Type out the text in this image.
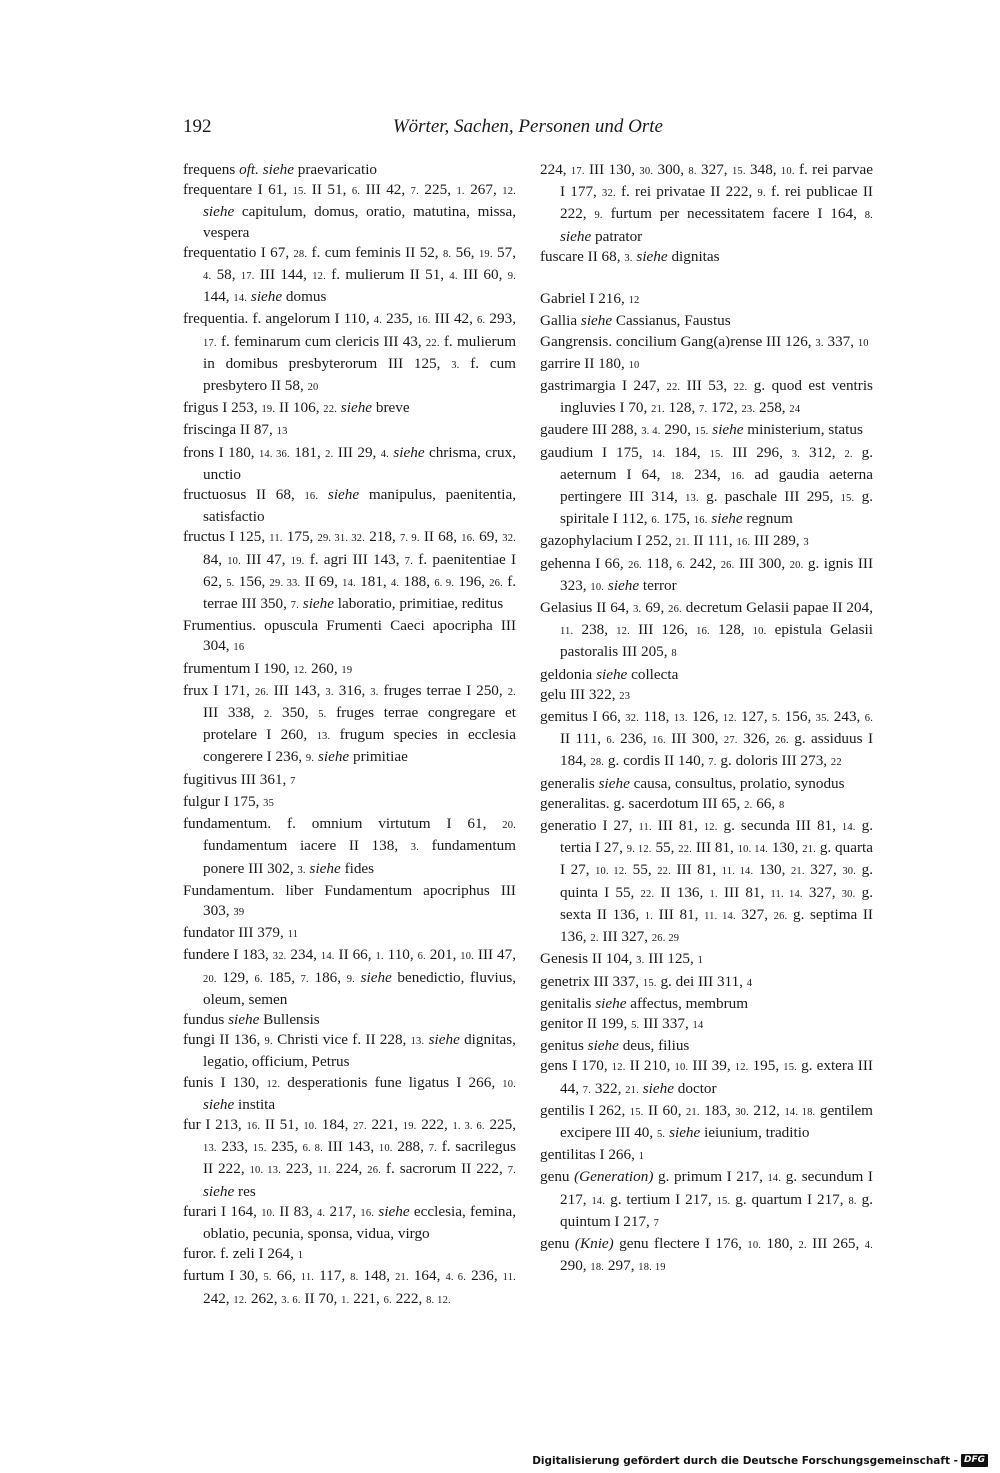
192	Wörter, Sachen, Personen und Orte
frequens oft. siehe praevaricatio
frequentare I 61, 15. II 51, 6. III 42, 7. 225, 1. 267, 12. siehe capitulum, domus, oratio, matutina, missa, vespera
frequentatio I 67, 28. f. cum feminis II 52, 8. 56, 19. 57, 4. 58, 17. III 144, 12. f. mulierum II 51, 4. III 60, 9. 144, 14. siehe domus
frequentia. f. angelorum I 110, 4. 235, 16. III 42, 6. 293, 17. f. feminarum cum clericis III 43, 22. f. mulierum in domibus presbyterorum III 125, 3. f. cum presbytero II 58, 20
frigus I 253, 19. II 106, 22. siehe breve
friscinga II 87, 13
frons I 180, 14. 36. 181, 2. III 29, 4. siehe chrisma, crux, unctio
fructuosus II 68, 16. siehe manipulus, paenitentia, satisfactio
fructus I 125, 11. 175, 29. 31. 32. 218, 7. 9. II 68, 16. 69, 32. 84, 10. III 47, 19. f. agri III 143, 7. f. paenitentiae I 62, 5. 156, 29. 33. II 69, 14. 181, 4. 188, 6. 9. 196, 26. f. terrae III 350, 7. siehe laboratio, primitiae, reditus
Frumentius. opuscula Frumenti Caeci apocripha III 304, 16
frumentum I 190, 12. 260, 19
frux I 171, 26. III 143, 3. 316, 3. fruges terrae I 250, 2. III 338, 2. 350, 5. fruges terrae congregare et protelare I 260, 13. frugum species in ecclesia congerere I 236, 9. siehe primitiae
fugitivus III 361, 7
fulgur I 175, 35
fundamentum. f. omnium virtutum I 61, 20. fundamentum iacere II 138, 3. fundamentum ponere III 302, 3. siehe fides
Fundamentum. liber Fundamentum apocriphus III 303, 39
fundator III 379, 11
fundere I 183, 32. 234, 14. II 66, 1. 110, 6. 201, 10. III 47, 20. 129, 6. 185, 7. 186, 9. siehe benedictio, fluvius, oleum, semen
fundus siehe Bullensis
fungi II 136, 9. Christi vice f. II 228, 13. siehe dignitas, legatio, officium, Petrus
funis I 130, 12. desperationis fune ligatus I 266, 10. siehe instita
fur I 213, 16. II 51, 10. 184, 27. 221, 19. 222, 1. 3. 6. 225, 13. 233, 15. 235, 6. 8. III 143, 10. 288, 7. f. sacrilegus II 222, 10. 13. 223, 11. 224, 26. f. sacrorum II 222, 7. siehe res
furari I 164, 10. II 83, 4. 217, 16. siehe ecclesia, femina, oblatio, pecunia, sponsa, vidua, virgo
furor. f. zeli I 264, 1
furtum I 30, 5. 66, 11. 117, 8. 148, 21. 164, 4. 6. 236, 11. 242, 12. 262, 3. 6. II 70, 1. 221, 6. 222, 8. 12.
224, 17. III 130, 30. 300, 8. 327, 15. 348, 10. f. rei parvae I 177, 32. f. rei privatae II 222, 9. f. rei publicae II 222, 9. furtum per necessitatem facere I 164, 8. siehe patrator
fuscare II 68, 3. siehe dignitas
Gabriel I 216, 12
Gallia siehe Cassianus, Faustus
Gangrensis. concilium Gang(a)rense III 126, 3. 337, 10
garrire II 180, 10
gastrimargia I 247, 22. III 53, 22. g. quod est ventris ingluvies I 70, 21. 128, 7. 172, 23. 258, 24
gaudere III 288, 3. 4. 290, 15. siehe ministerium, status
gaudium I 175, 14. 184, 15. III 296, 3. 312, 2. g. aeternum I 64, 18. 234, 16. ad gaudia aeterna pertingere III 314, 13. g. paschale III 295, 15. g. spiritale I 112, 6. 175, 16. siehe regnum
gazophylacium I 252, 21. II 111, 16. III 289, 3
gehenna I 66, 26. 118, 6. 242, 26. III 300, 20. g. ignis III 323, 10. siehe terror
Gelasius II 64, 3. 69, 26. decretum Gelasii papae II 204, 11. 238, 12. III 126, 16. 128, 10. epistula Gelasii pastoralis III 205, 8
geldonia siehe collecta
gelu III 322, 23
gemitus I 66, 32. 118, 13. 126, 12. 127, 5. 156, 35. 243, 6. II 111, 6. 236, 16. III 300, 27. 326, 26. g. assiduus I 184, 28. g. cordis II 140, 7. g. doloris III 273, 22
generalis siehe causa, consultus, prolatio, synodus
generalitas. g. sacerdotum III 65, 2. 66, 8
generatio I 27, 11. III 81, 12. g. secunda III 81, 14. g. tertia I 27, 9. 12. 55, 22. III 81, 10. 14. 130, 21. g. quarta I 27, 10. 12. 55, 22. III 81, 11. 14. 130, 21. 327, 30. g. quinta I 55, 22. II 136, 1. III 81, 11. 14. 327, 30. g. sexta II 136, 1. III 81, 11. 14. 327, 26. g. septima II 136, 2. III 327, 26. 29
Genesis II 104, 3. III 125, 1
genetrix III 337, 15. g. dei III 311, 4
genitalis siehe affectus, membrum
genitor II 199, 5. III 337, 14
genitus siehe deus, filius
gens I 170, 12. II 210, 10. III 39, 12. 195, 15. g. extera III 44, 7. 322, 21. siehe doctor
gentilis I 262, 15. II 60, 21. 183, 30. 212, 14. 18. gentilem excipere III 40, 5. siehe ieiunium, traditio
gentilitas I 266, 1
genu (Generation) g. primum I 217, 14. g. secundum I 217, 14. g. tertium I 217, 15. g. quartum I 217, 8. g. quintum I 217, 7
genu (Knie) genu flectere I 176, 10. 180, 2. III 265, 4. 290, 18. 297, 18. 19
Digitalisierung gefördert durch die Deutsche Forschungsgemeinschaft - DFG
